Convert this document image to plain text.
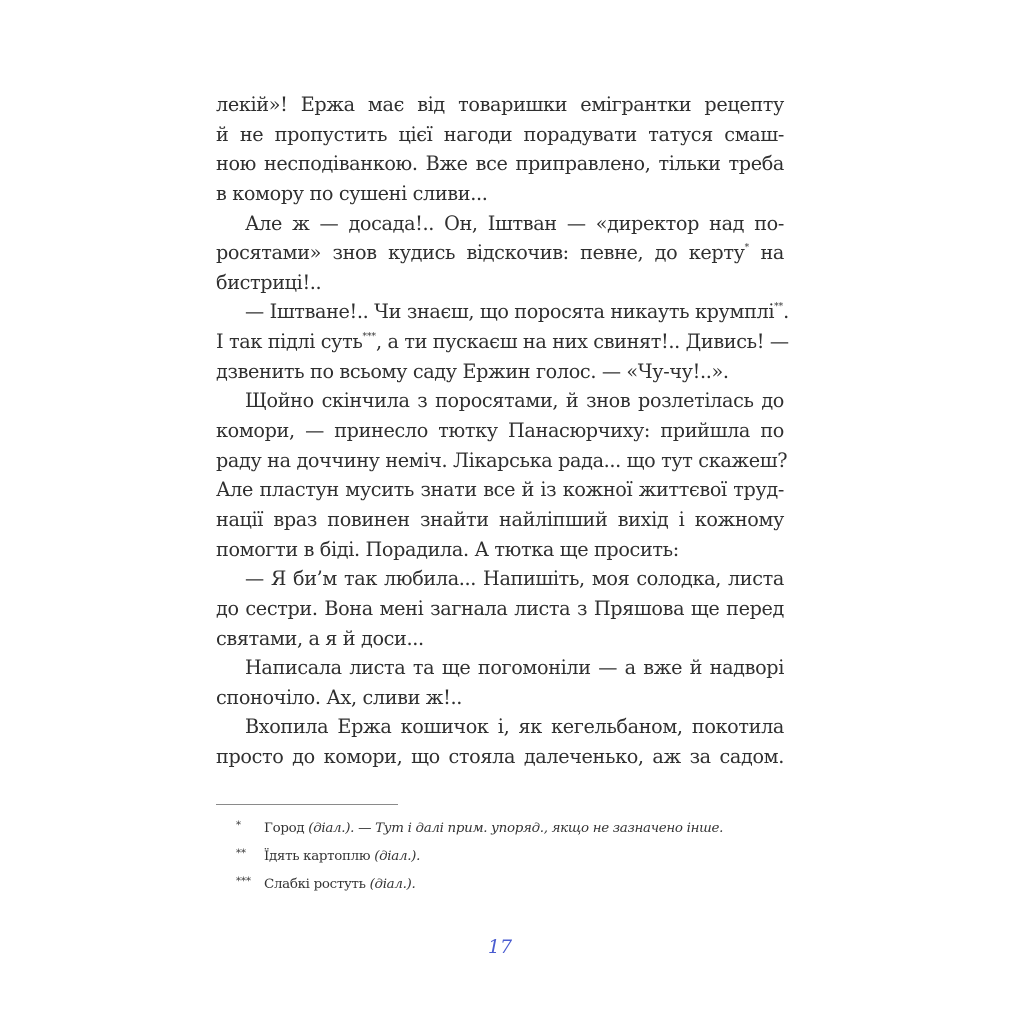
лекій»! Ержа має від товаришки емігрантки рецепту
й не пропустить цієї нагоди порадувати татуся смаш-
ною несподіванкою. Вже все приправлено, тільки треба
в комору по сушені сливи...
Але ж — досада!.. Он, Іштван — «директор над по-
росятами» знов кудись відскочив: певне, до керту* на
бистриці!..
— Іштване!.. Чи знаєш, що поросята никауть крумплі**.
І так підлі суть***, а ти пускаєш на них свинят!.. Дивись! —
дзвенить по всьому саду Ержин голос. — «Чу-чу!..».
Щойно скінчила з поросятами, й знов розлетілась до
комори, — принесло тютку Панасюрчиху: прийшла по
раду на доччину неміч. Лікарська рада... що тут скажеш?
Але пластун мусить знати все й із кожної життєвої труд-
нації враз повинен знайти найліпший вихід і кожному
помогти в біді. Порадила. А тютка ще просить:
— Я би’м так любила... Напишіть, моя солодка, листа
до сестри. Вона мені загнала листа з Пряшова ще перед
святами, а я й доси...
Написала листа та ще погомоніли — а вже й надворі
споночіло. Ах, сливи ж!..
Вхопила Ержа кошичок і, як кегельбаном, покотила
просто до комори, що стояла далеченько, аж за садом.
*	Город (діал.). — Тут і далі прим. упоряд., якщо не зазначено інше.
**	Їдять картоплю (діал.).
*** Слабкі ростуть (діал.).
17
